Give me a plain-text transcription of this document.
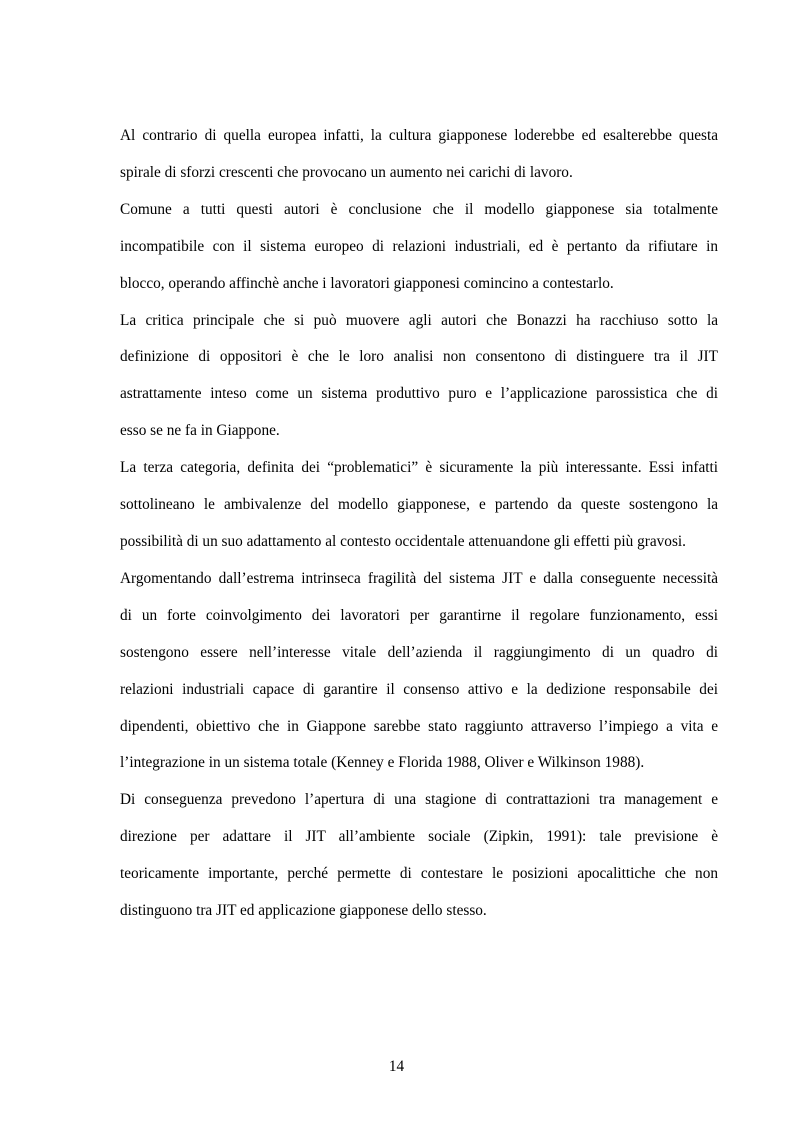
Al contrario di quella europea infatti, la cultura giapponese loderebbe ed esalterebbe questa

spirale di sforzi crescenti che provocano un aumento nei carichi di lavoro.

Comune a tutti questi autori è conclusione che il modello giapponese sia totalmente

incompatibile con il sistema europeo di relazioni industriali, ed è pertanto da rifiutare in

blocco, operando affinchè anche i lavoratori giapponesi comincino a contestarlo.

La critica principale che si può muovere agli autori che Bonazzi ha racchiuso sotto la

definizione di oppositori è che le loro analisi non consentono di distinguere tra il JIT

astrattamente inteso come un sistema produttivo puro e l’applicazione parossistica che di

esso se ne fa in Giappone.

La terza categoria, definita dei “problematici” è sicuramente la più interessante. Essi infatti

sottolineano le ambivalenze del modello giapponese, e partendo da queste sostengono la

possibilità di un suo adattamento al contesto occidentale attenuandone gli effetti più gravosi.

Argomentando dall’estrema intrinseca fragilità del sistema JIT e dalla conseguente necessità

di un forte coinvolgimento dei lavoratori per garantirne il regolare funzionamento, essi

sostengono essere nell’interesse vitale dell’azienda il raggiungimento di un quadro di

relazioni industriali capace di garantire il consenso attivo e la dedizione responsabile dei

dipendenti, obiettivo che in Giappone sarebbe stato raggiunto attraverso l’impiego a vita e

l’integrazione in un sistema totale (Kenney e Florida 1988, Oliver e Wilkinson 1988).

Di conseguenza prevedono l’apertura di una stagione di contrattazioni tra management e

direzione per adattare il JIT all’ambiente sociale (Zipkin, 1991): tale previsione è

teoricamente importante, perché permette di contestare le posizioni apocalittiche che non

distinguono tra JIT ed applicazione giapponese dello stesso.

14
